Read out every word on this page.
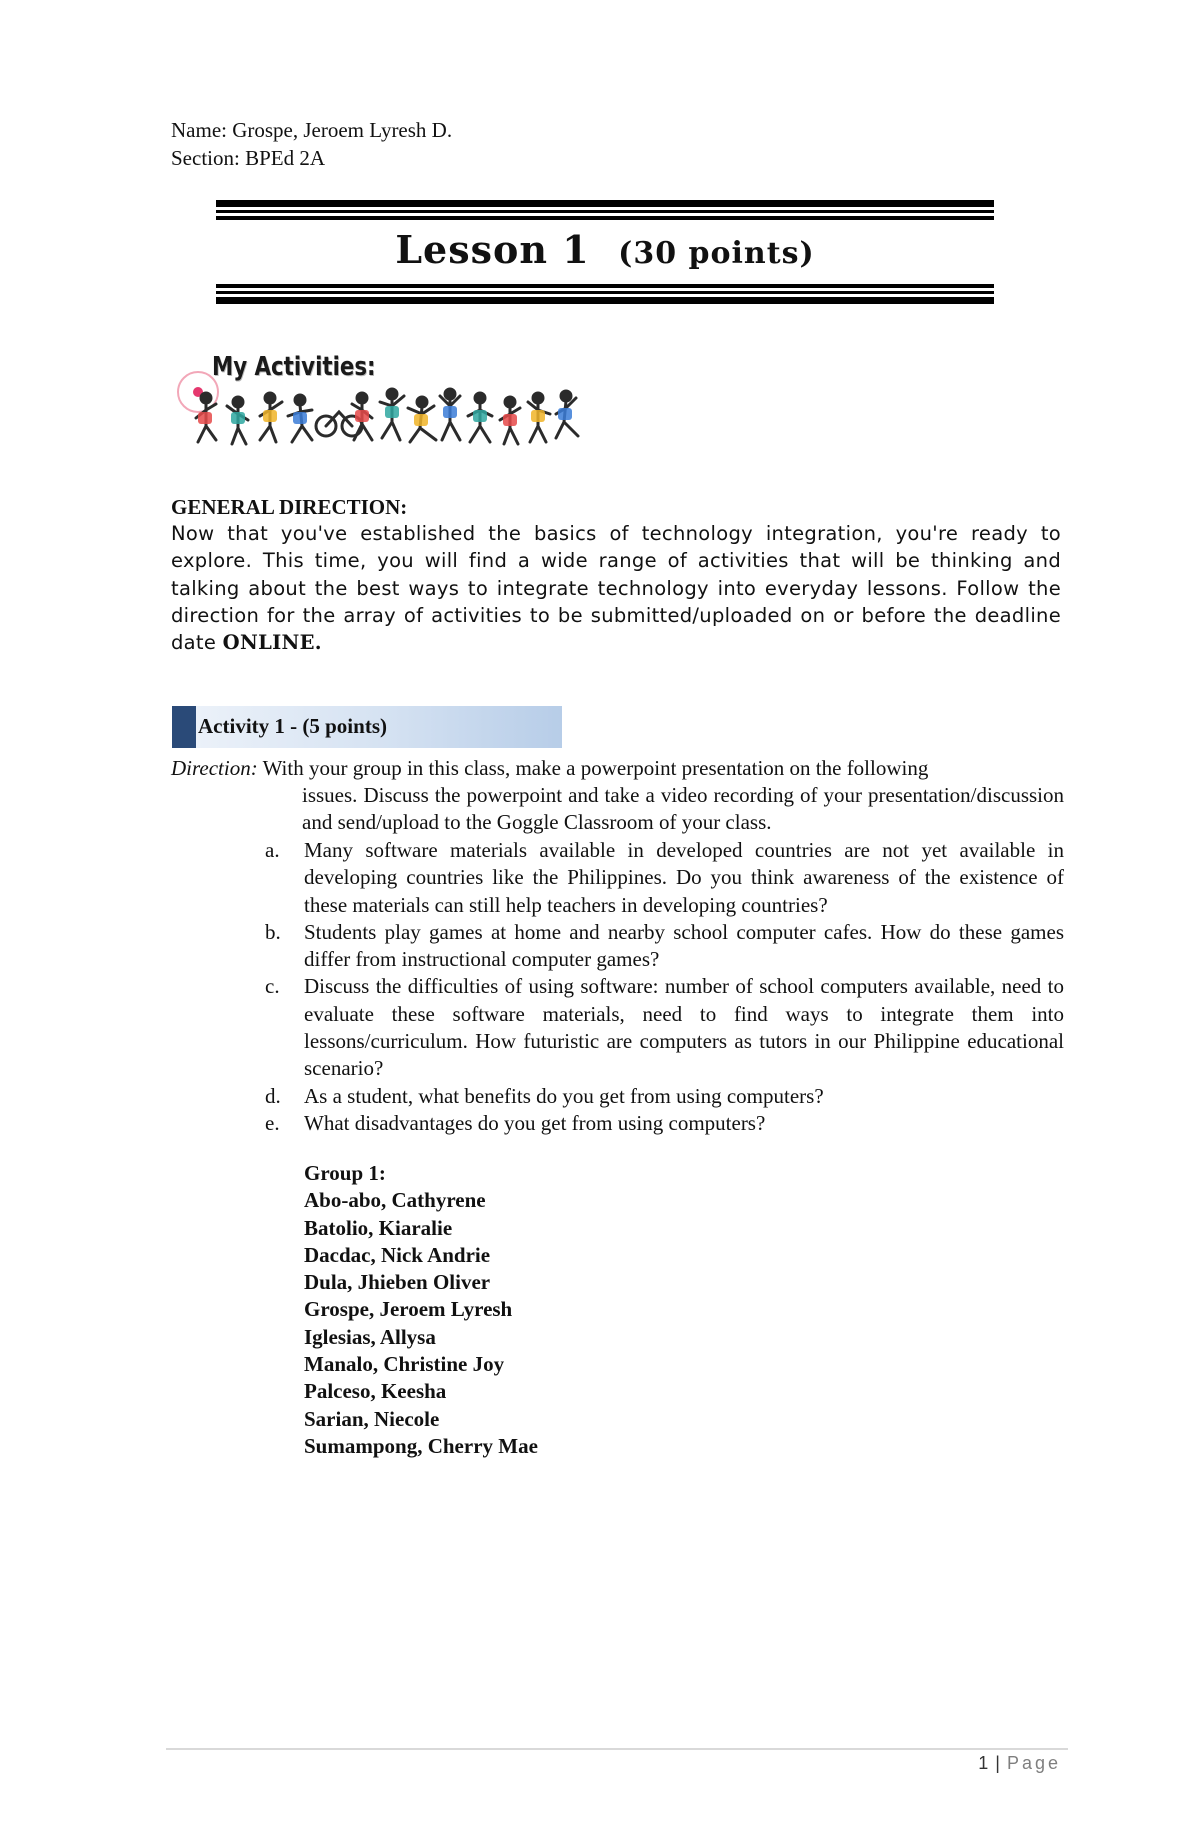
Name: Grospe, Jeroem Lyresh D.
Section: BPEd 2A
Lesson 1 (30 points)
My Activities:
GENERAL DIRECTION:
Now that you've established the basics of technology integration, you're ready to explore. This time, you will find a wide range of activities that will be thinking and talking about the best ways to integrate technology into everyday lessons. Follow the direction for the array of activities to be submitted/uploaded on or before the deadline date ONLINE.
Activity 1 - (5 points)
Direction: With your group in this class, make a powerpoint presentation on the following
issues. Discuss the powerpoint and take a video recording of your presentation/discussion and send/upload to the Goggle Classroom of your class.
a.	Many software materials available in developed countries are not yet available in developing countries like the Philippines. Do you think awareness of the existence of these materials can still help teachers in developing countries?
b.	Students play games at home and nearby school computer cafes. How do these games differ from instructional computer games?
c.	Discuss the difficulties of using software: number of school computers available, need to evaluate these software materials, need to find ways to integrate them into lessons/curriculum. How futuristic are computers as tutors in our Philippine educational scenario?
d.	As a student, what benefits do you get from using computers?
e.	What disadvantages do you get from using computers?
Group 1:
Abo-abo, Cathyrene
Batolio, Kiaralie
Dacdac, Nick Andrie
Dula, Jhieben Oliver
Grospe, Jeroem Lyresh
Iglesias, Allysa
Manalo, Christine Joy
Palceso, Keesha
Sarian, Niecole
Sumampong, Cherry Mae
1 | Page
